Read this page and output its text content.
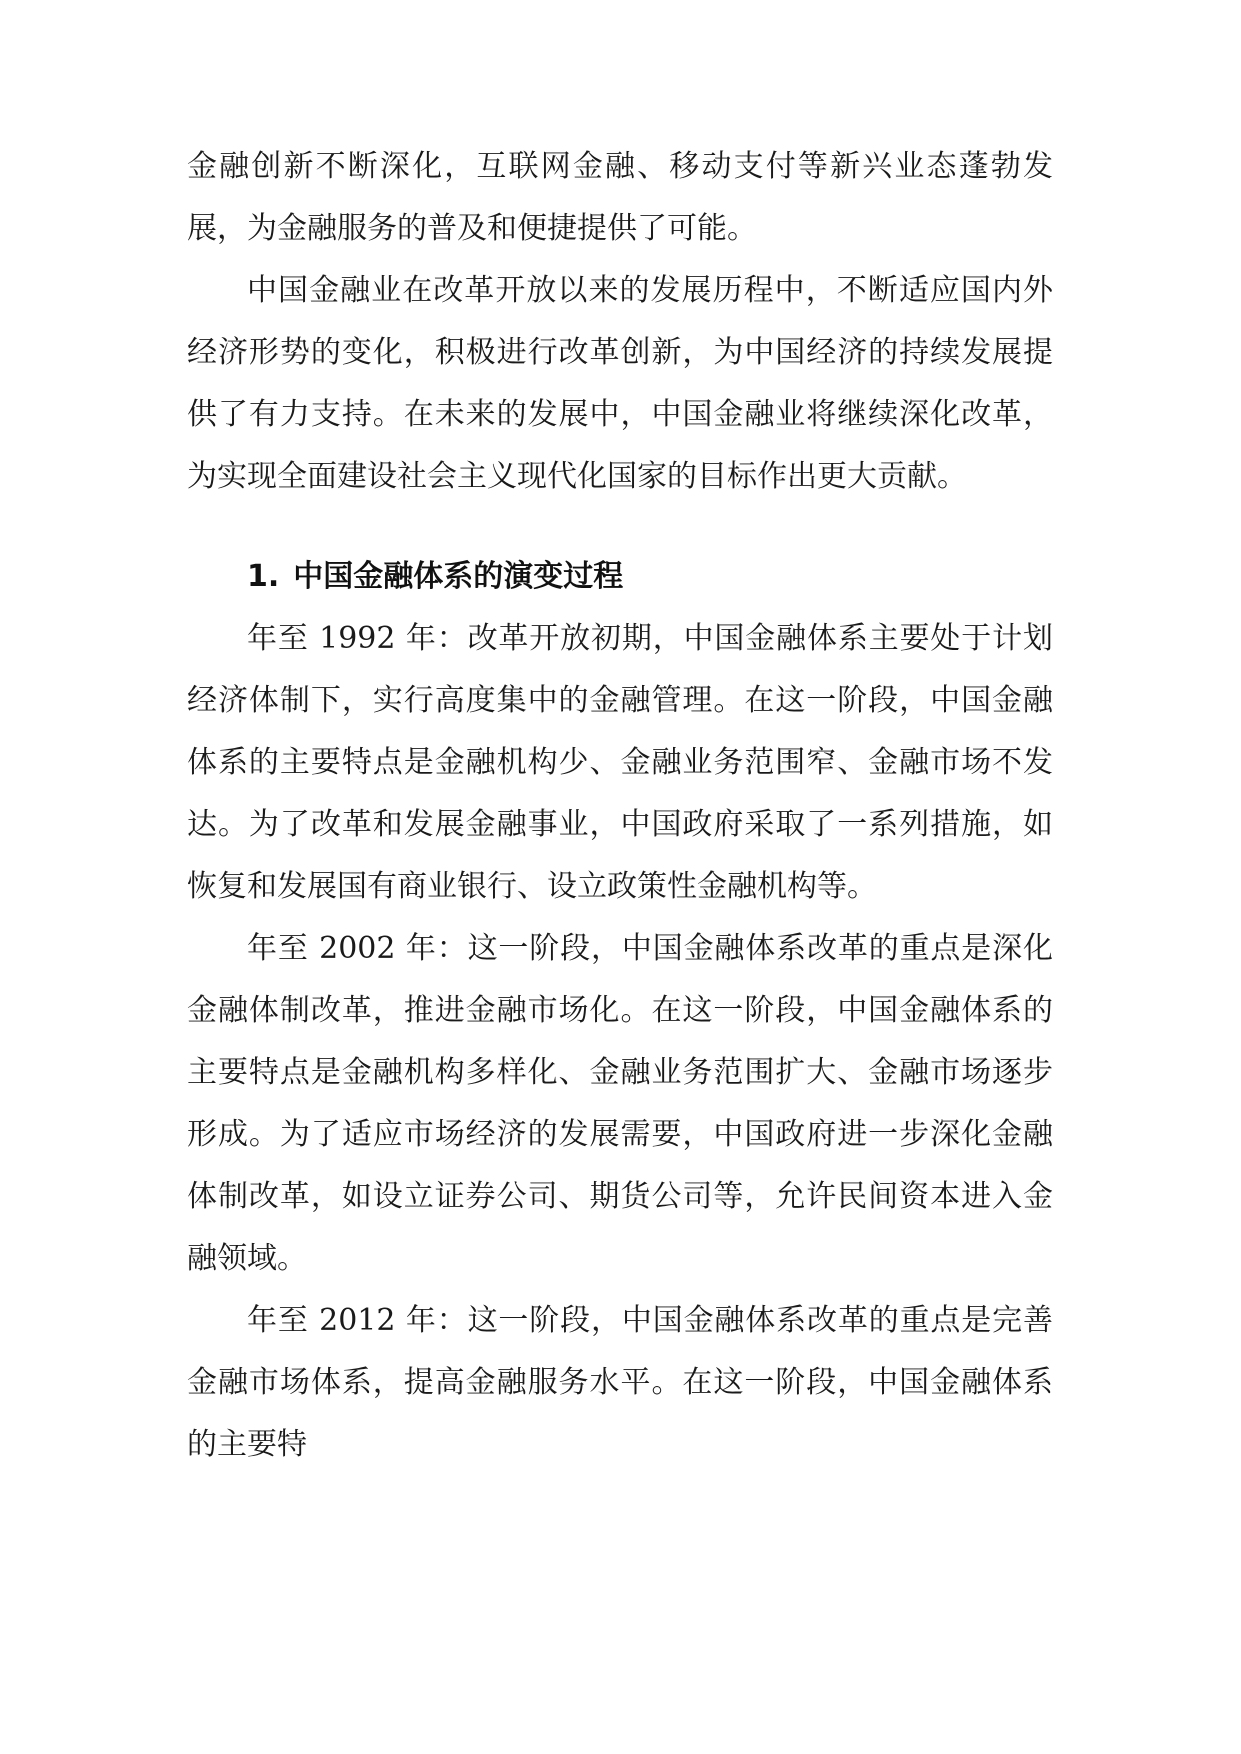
金融创新不断深化，互联网金融、移动支付等新兴业态蓬勃发展，为金融服务的普及和便捷提供了可能。

中国金融业在改革开放以来的发展历程中，不断适应国内外经济形势的变化，积极进行改革创新，为中国经济的持续发展提供了有力支持。在未来的发展中，中国金融业将继续深化改革，为实现全面建设社会主义现代化国家的目标作出更大贡献。

1. 中国金融体系的演变过程

年至 1992 年：改革开放初期，中国金融体系主要处于计划经济体制下，实行高度集中的金融管理。在这一阶段，中国金融体系的主要特点是金融机构少、金融业务范围窄、金融市场不发达。为了改革和发展金融事业，中国政府采取了一系列措施，如恢复和发展国有商业银行、设立政策性金融机构等。

年至 2002 年：这一阶段，中国金融体系改革的重点是深化金融体制改革，推进金融市场化。在这一阶段，中国金融体系的主要特点是金融机构多样化、金融业务范围扩大、金融市场逐步形成。为了适应市场经济的发展需要，中国政府进一步深化金融体制改革，如设立证券公司、期货公司等，允许民间资本进入金融领域。

年至 2012 年：这一阶段，中国金融体系改革的重点是完善金融市场体系，提高金融服务水平。在这一阶段，中国金融体系的主要特
